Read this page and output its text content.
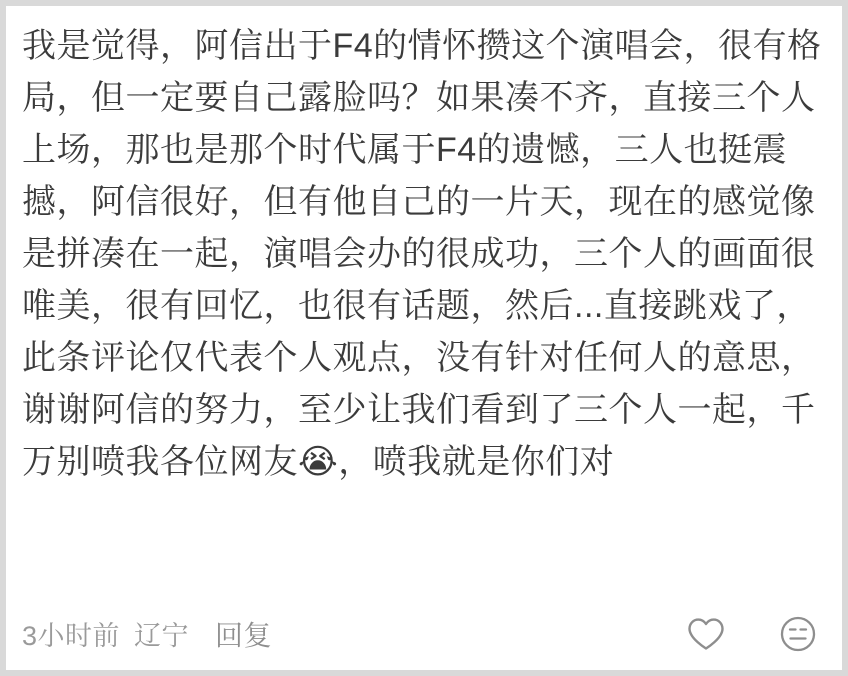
我是觉得，阿信出于F4的情怀攒这个演唱会，很有格局，但一定要自己露脸吗？如果凑不齐，直接三个人上场，那也是那个时代属于F4的遗憾，三人也挺震撼，阿信很好，但有他自己的一片天，现在的感觉像是拼凑在一起，演唱会办的很成功，三个人的画面很唯美，很有回忆，也很有话题，然后...直接跳戏了，此条评论仅代表个人观点，没有针对任何人的意思，谢谢阿信的努力，至少让我们看到了三个人一起，千万别喷我各位网友😭，喷我就是你们对

3小时前 辽宁 回复
